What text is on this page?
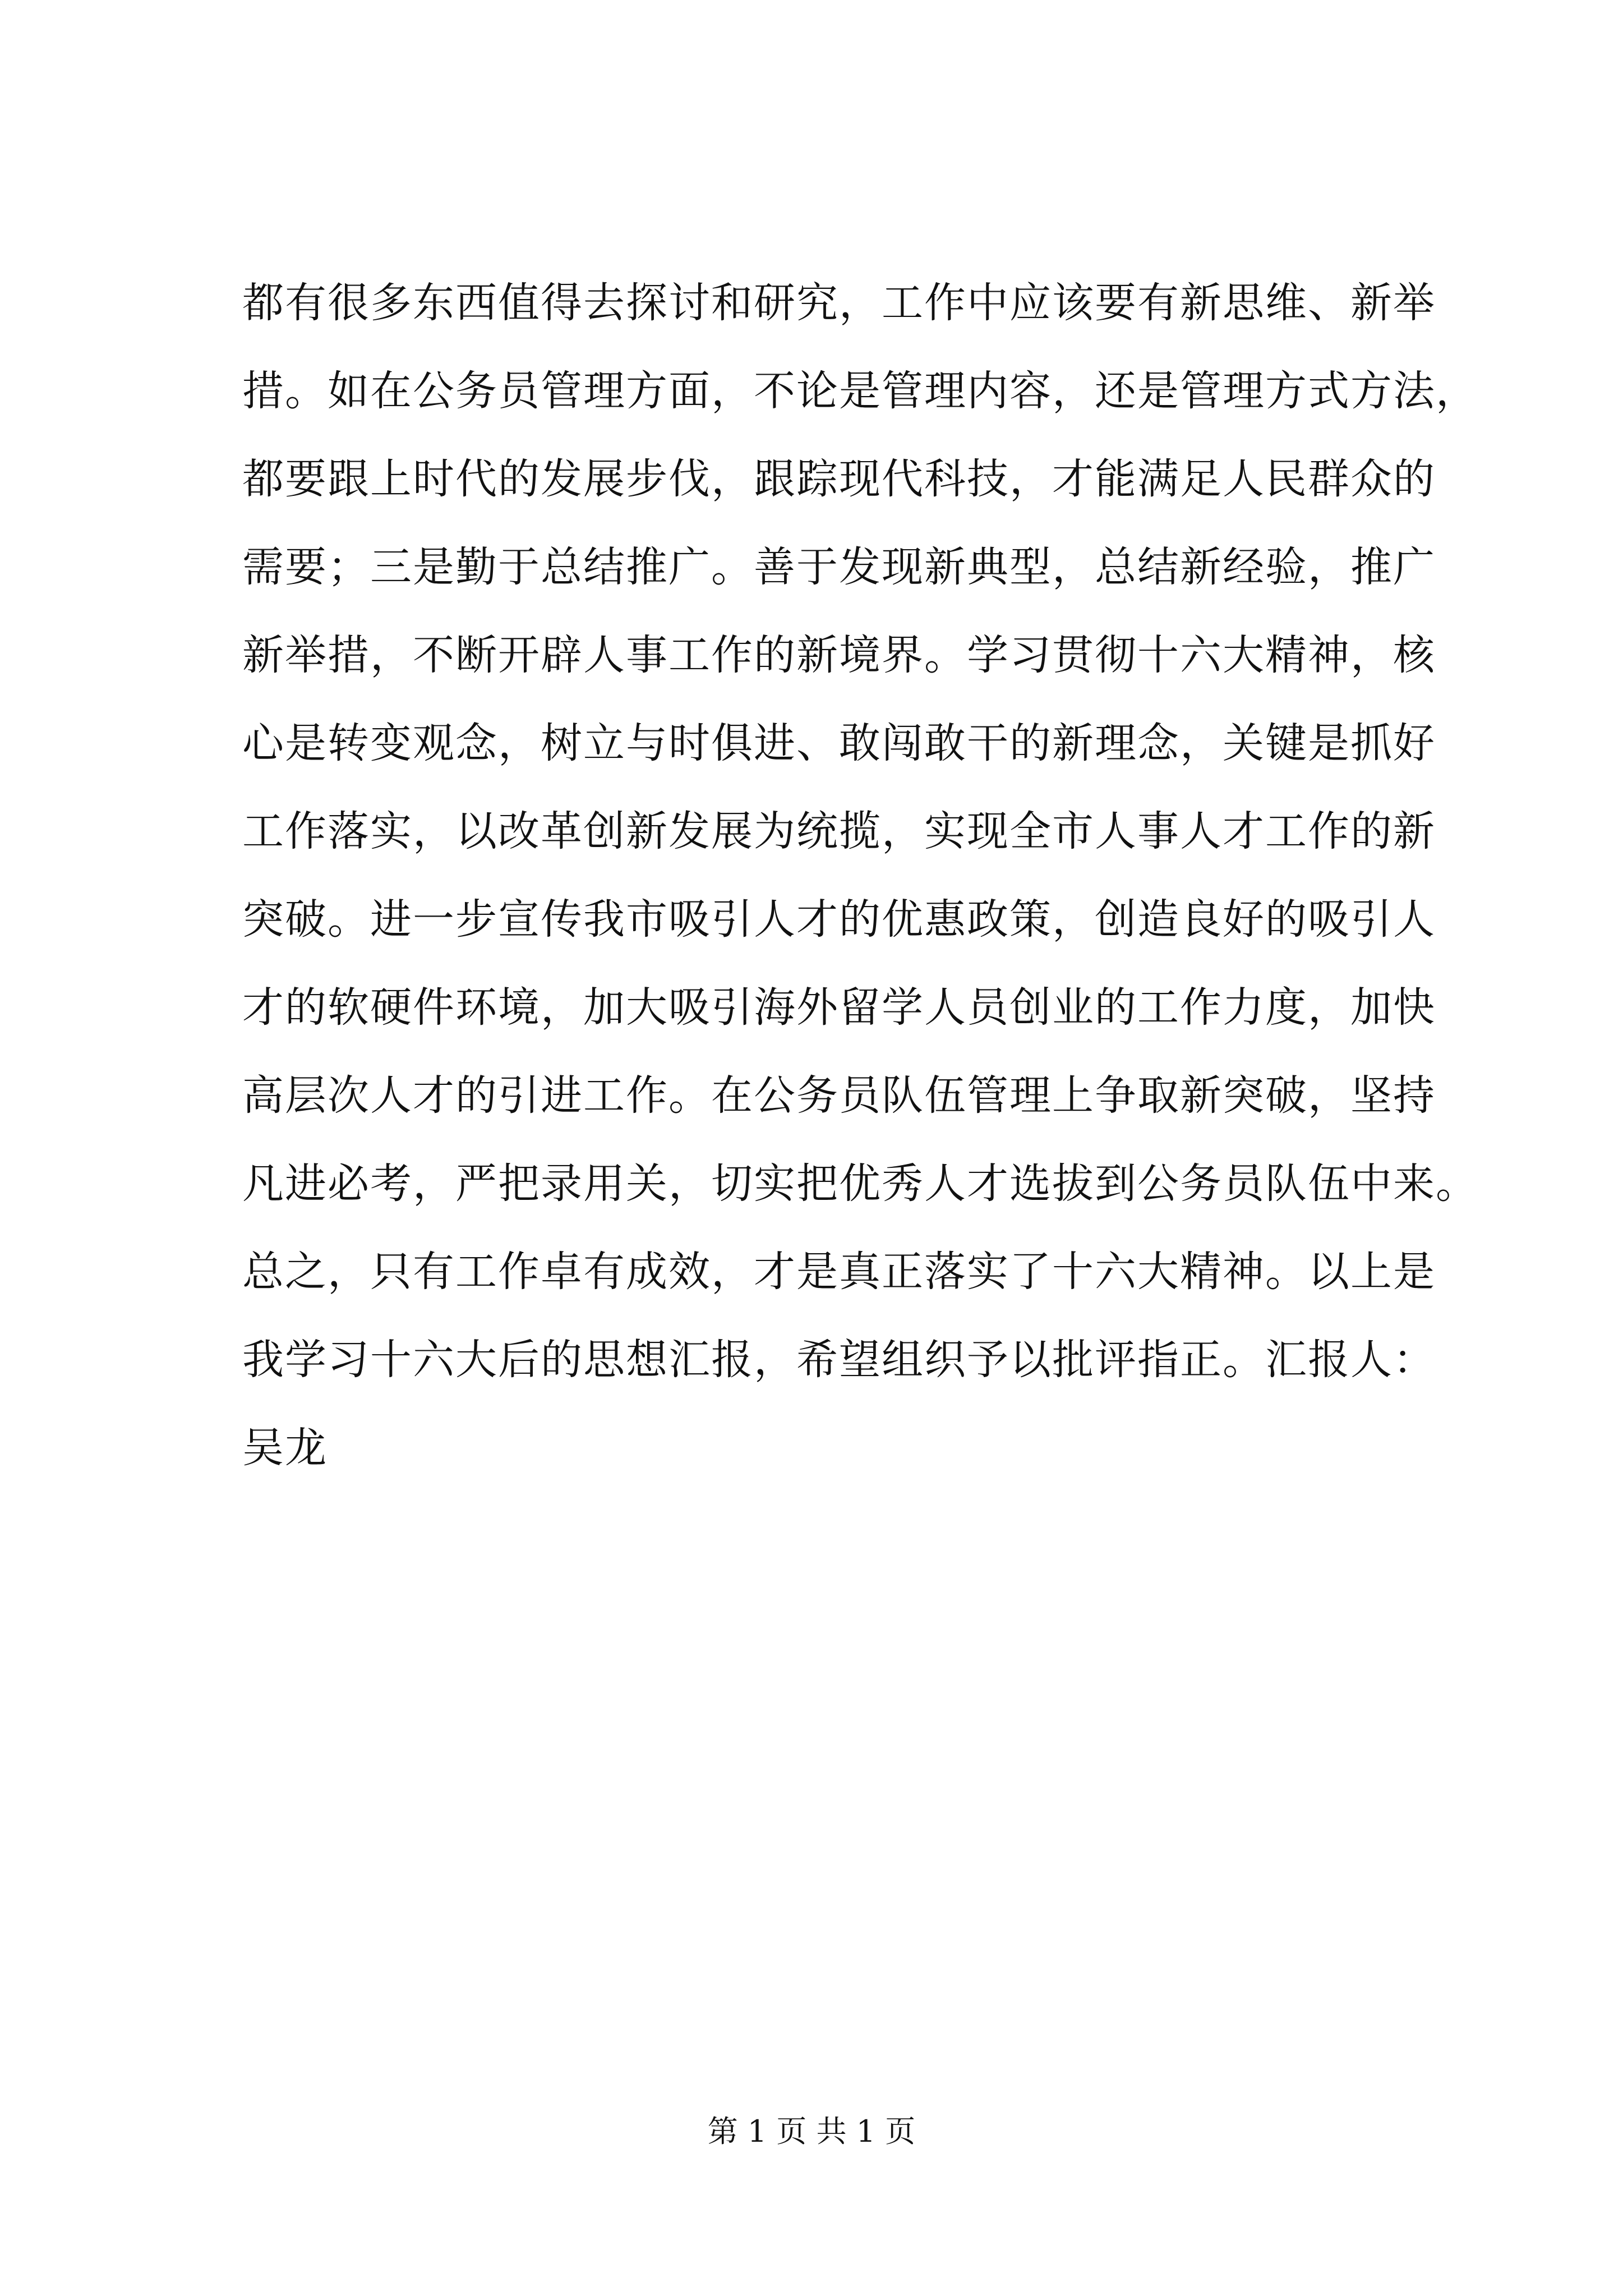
都有很多东西值得去探讨和研究，工作中应该要有新思维、新举
措。如在公务员管理方面，不论是管理内容，还是管理方式方法，
都要跟上时代的发展步伐，跟踪现代科技，才能满足人民群众的
需要；三是勤于总结推广。善于发现新典型，总结新经验，推广
新举措，不断开辟人事工作的新境界。学习贯彻十六大精神，核
心是转变观念，树立与时俱进、敢闯敢干的新理念，关键是抓好
工作落实，以改革创新发展为统揽，实现全市人事人才工作的新
突破。进一步宣传我市吸引人才的优惠政策，创造良好的吸引人
才的软硬件环境，加大吸引海外留学人员创业的工作力度，加快
高层次人才的引进工作。在公务员队伍管理上争取新突破，坚持
凡进必考，严把录用关，切实把优秀人才选拔到公务员队伍中来。
总之，只有工作卓有成效，才是真正落实了十六大精神。以上是
我学习十六大后的思想汇报，希望组织予以批评指正。汇报人：
吴龙
第 1 页 共 1 页
